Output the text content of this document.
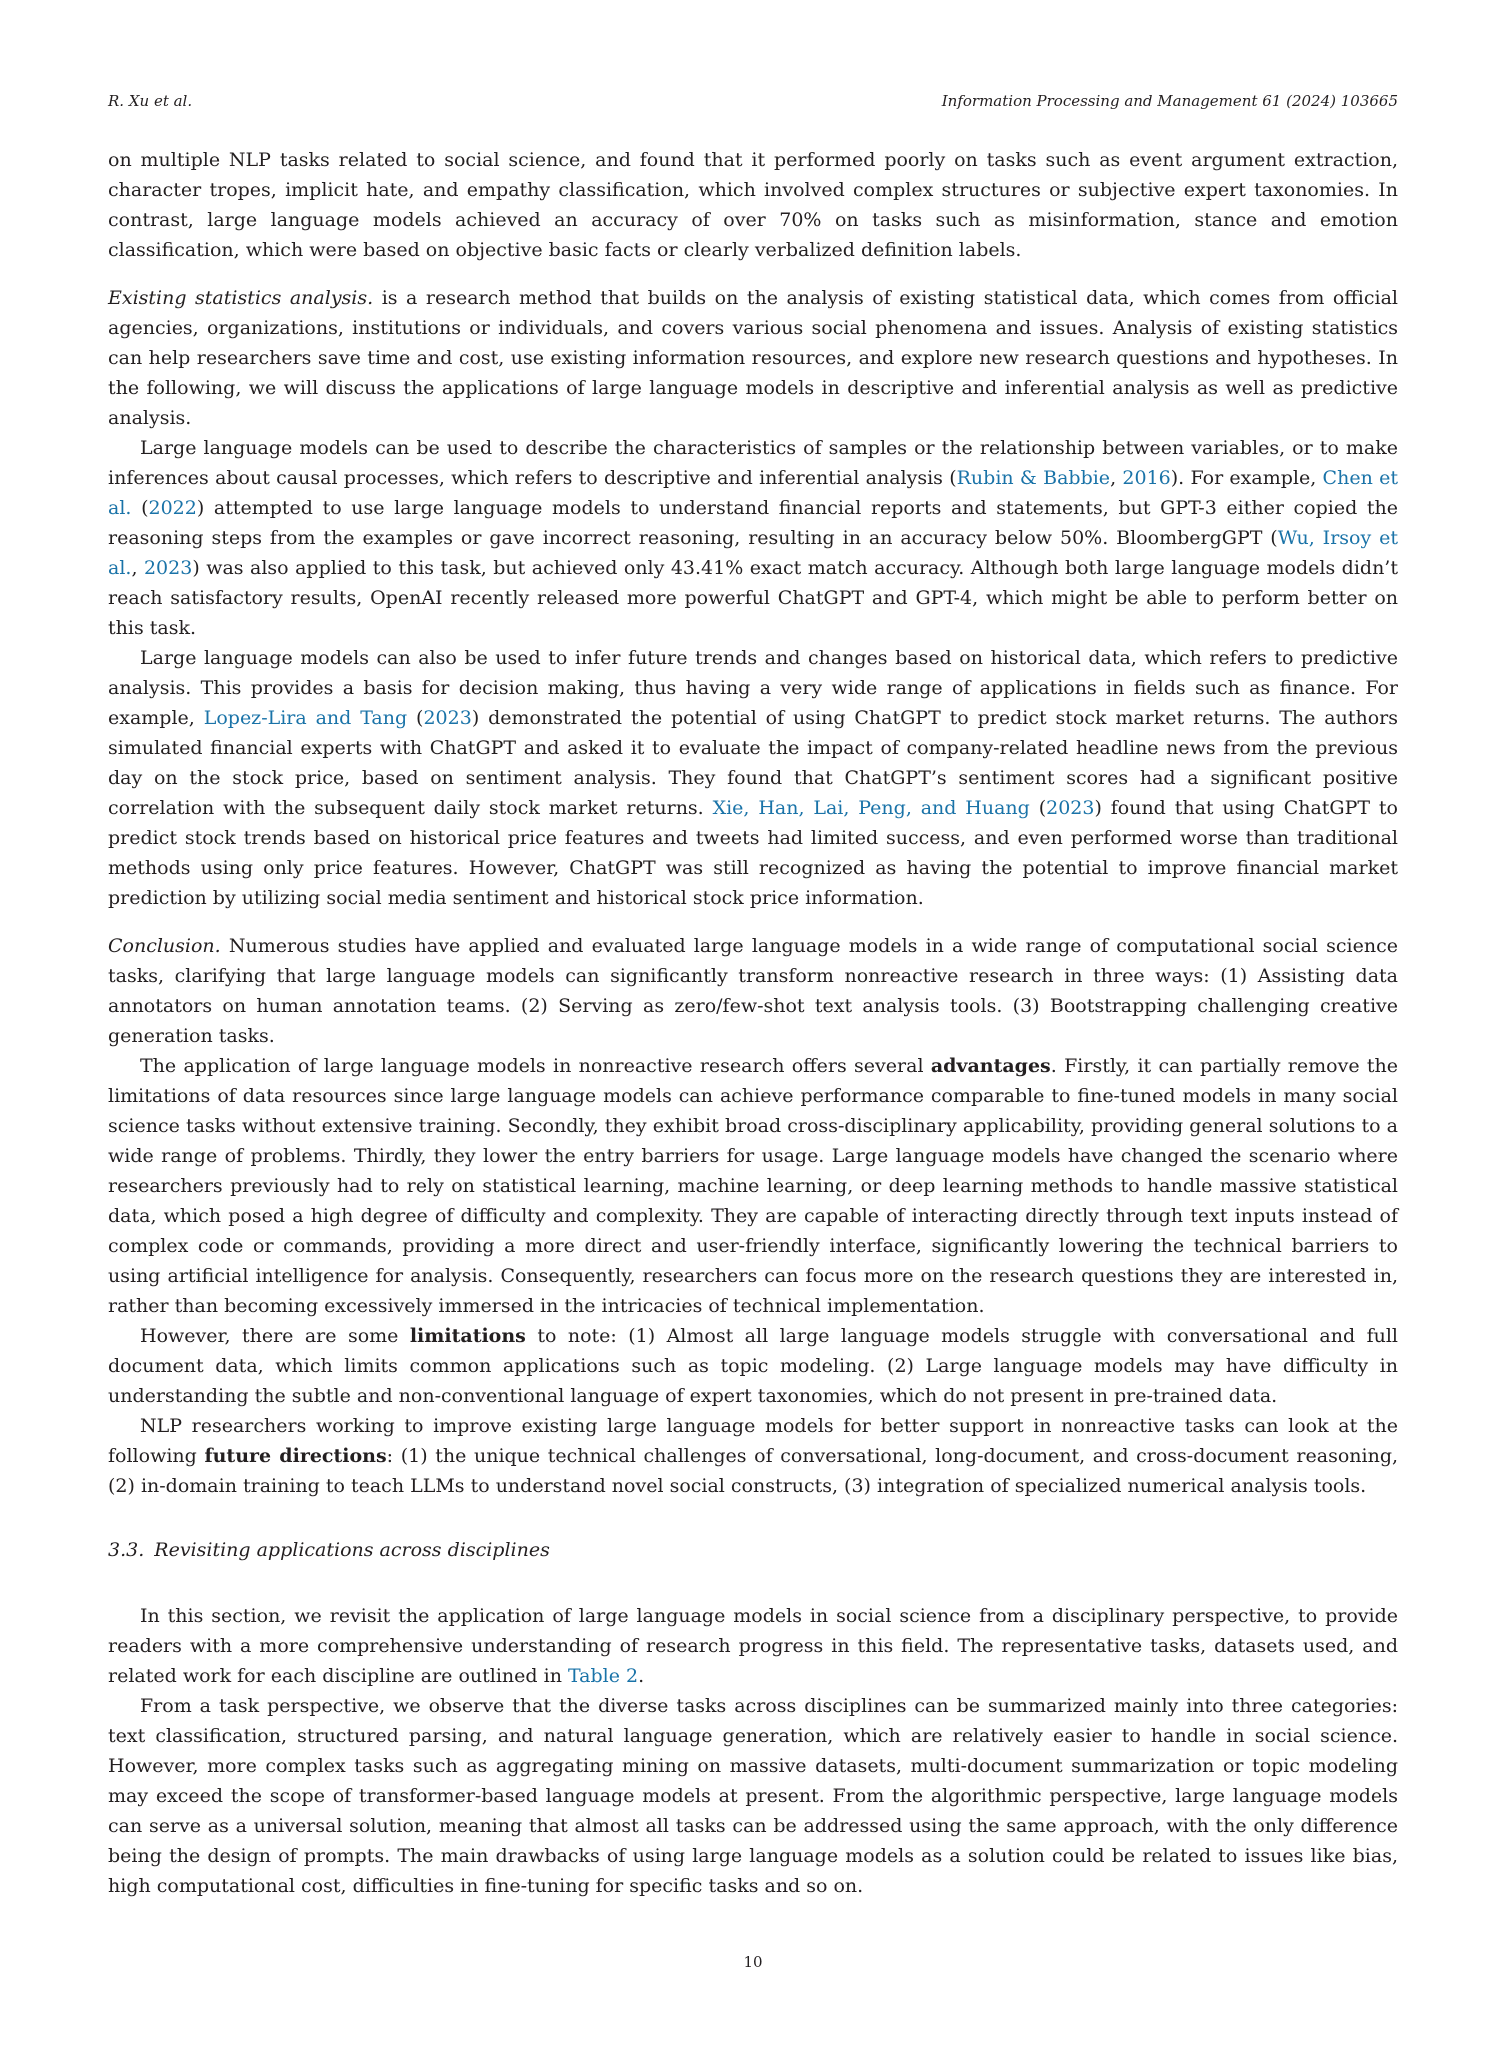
R. Xu et al.	Information Processing and Management 61 (2024) 103665

on multiple NLP tasks related to social science, and found that it performed poorly on tasks such as event argument extraction, character tropes, implicit hate, and empathy classification, which involved complex structures or subjective expert taxonomies. In contrast, large language models achieved an accuracy of over 70% on tasks such as misinformation, stance and emotion classification, which were based on objective basic facts or clearly verbalized definition labels.

Existing statistics analysis. is a research method that builds on the analysis of existing statistical data, which comes from official agencies, organizations, institutions or individuals, and covers various social phenomena and issues. Analysis of existing statistics can help researchers save time and cost, use existing information resources, and explore new research questions and hypotheses. In the following, we will discuss the applications of large language models in descriptive and inferential analysis as well as predictive analysis.

Large language models can be used to describe the characteristics of samples or the relationship between variables, or to make inferences about causal processes, which refers to descriptive and inferential analysis (Rubin & Babbie, 2016). For example, Chen et al. (2022) attempted to use large language models to understand financial reports and statements, but GPT-3 either copied the reasoning steps from the examples or gave incorrect reasoning, resulting in an accuracy below 50%. BloombergGPT (Wu, Irsoy et al., 2023) was also applied to this task, but achieved only 43.41% exact match accuracy. Although both large language models didn’t reach satisfactory results, OpenAI recently released more powerful ChatGPT and GPT-4, which might be able to perform better on this task.

Large language models can also be used to infer future trends and changes based on historical data, which refers to predictive analysis. This provides a basis for decision making, thus having a very wide range of applications in fields such as finance. For example, Lopez-Lira and Tang (2023) demonstrated the potential of using ChatGPT to predict stock market returns. The authors simulated financial experts with ChatGPT and asked it to evaluate the impact of company-related headline news from the previous day on the stock price, based on sentiment analysis. They found that ChatGPT’s sentiment scores had a significant positive correlation with the subsequent daily stock market returns. Xie, Han, Lai, Peng, and Huang (2023) found that using ChatGPT to predict stock trends based on historical price features and tweets had limited success, and even performed worse than traditional methods using only price features. However, ChatGPT was still recognized as having the potential to improve financial market prediction by utilizing social media sentiment and historical stock price information.

Conclusion. Numerous studies have applied and evaluated large language models in a wide range of computational social science tasks, clarifying that large language models can significantly transform nonreactive research in three ways: (1) Assisting data annotators on human annotation teams. (2) Serving as zero/few-shot text analysis tools. (3) Bootstrapping challenging creative generation tasks.

The application of large language models in nonreactive research offers several advantages. Firstly, it can partially remove the limitations of data resources since large language models can achieve performance comparable to fine-tuned models in many social science tasks without extensive training. Secondly, they exhibit broad cross-disciplinary applicability, providing general solutions to a wide range of problems. Thirdly, they lower the entry barriers for usage. Large language models have changed the scenario where researchers previously had to rely on statistical learning, machine learning, or deep learning methods to handle massive statistical data, which posed a high degree of difficulty and complexity. They are capable of interacting directly through text inputs instead of complex code or commands, providing a more direct and user-friendly interface, significantly lowering the technical barriers to using artificial intelligence for analysis. Consequently, researchers can focus more on the research questions they are interested in, rather than becoming excessively immersed in the intricacies of technical implementation.

However, there are some limitations to note: (1) Almost all large language models struggle with conversational and full document data, which limits common applications such as topic modeling. (2) Large language models may have difficulty in understanding the subtle and non-conventional language of expert taxonomies, which do not present in pre-trained data.

NLP researchers working to improve existing large language models for better support in nonreactive tasks can look at the following future directions: (1) the unique technical challenges of conversational, long-document, and cross-document reasoning, (2) in-domain training to teach LLMs to understand novel social constructs, (3) integration of specialized numerical analysis tools.

3.3. Revisiting applications across disciplines

In this section, we revisit the application of large language models in social science from a disciplinary perspective, to provide readers with a more comprehensive understanding of research progress in this field. The representative tasks, datasets used, and related work for each discipline are outlined in Table 2.

From a task perspective, we observe that the diverse tasks across disciplines can be summarized mainly into three categories: text classification, structured parsing, and natural language generation, which are relatively easier to handle in social science. However, more complex tasks such as aggregating mining on massive datasets, multi-document summarization or topic modeling may exceed the scope of transformer-based language models at present. From the algorithmic perspective, large language models can serve as a universal solution, meaning that almost all tasks can be addressed using the same approach, with the only difference being the design of prompts. The main drawbacks of using large language models as a solution could be related to issues like bias, high computational cost, difficulties in fine-tuning for specific tasks and so on.

10
